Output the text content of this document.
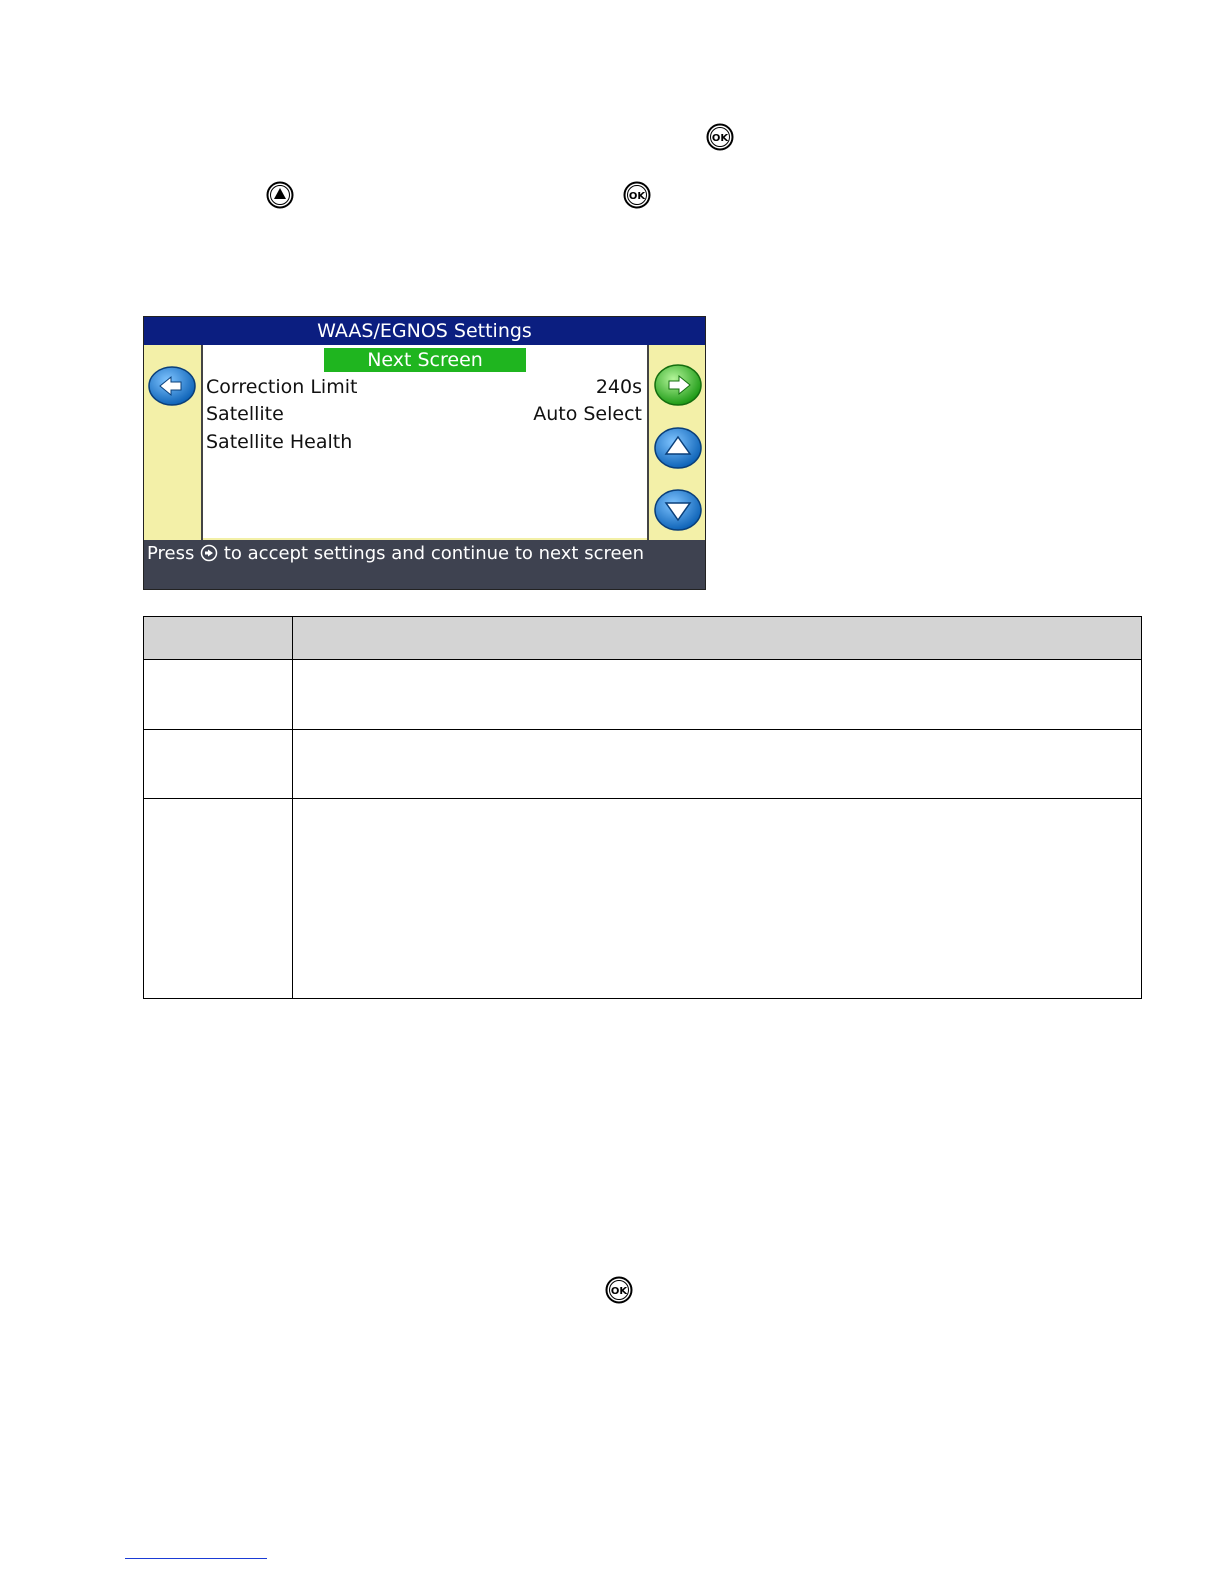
OK
OK
OK
WAAS/EGNOS Settings
Next Screen
Correction Limit	240s
Satellite	Auto Select
Satellite Health
Press to accept settings and continue to next screen
